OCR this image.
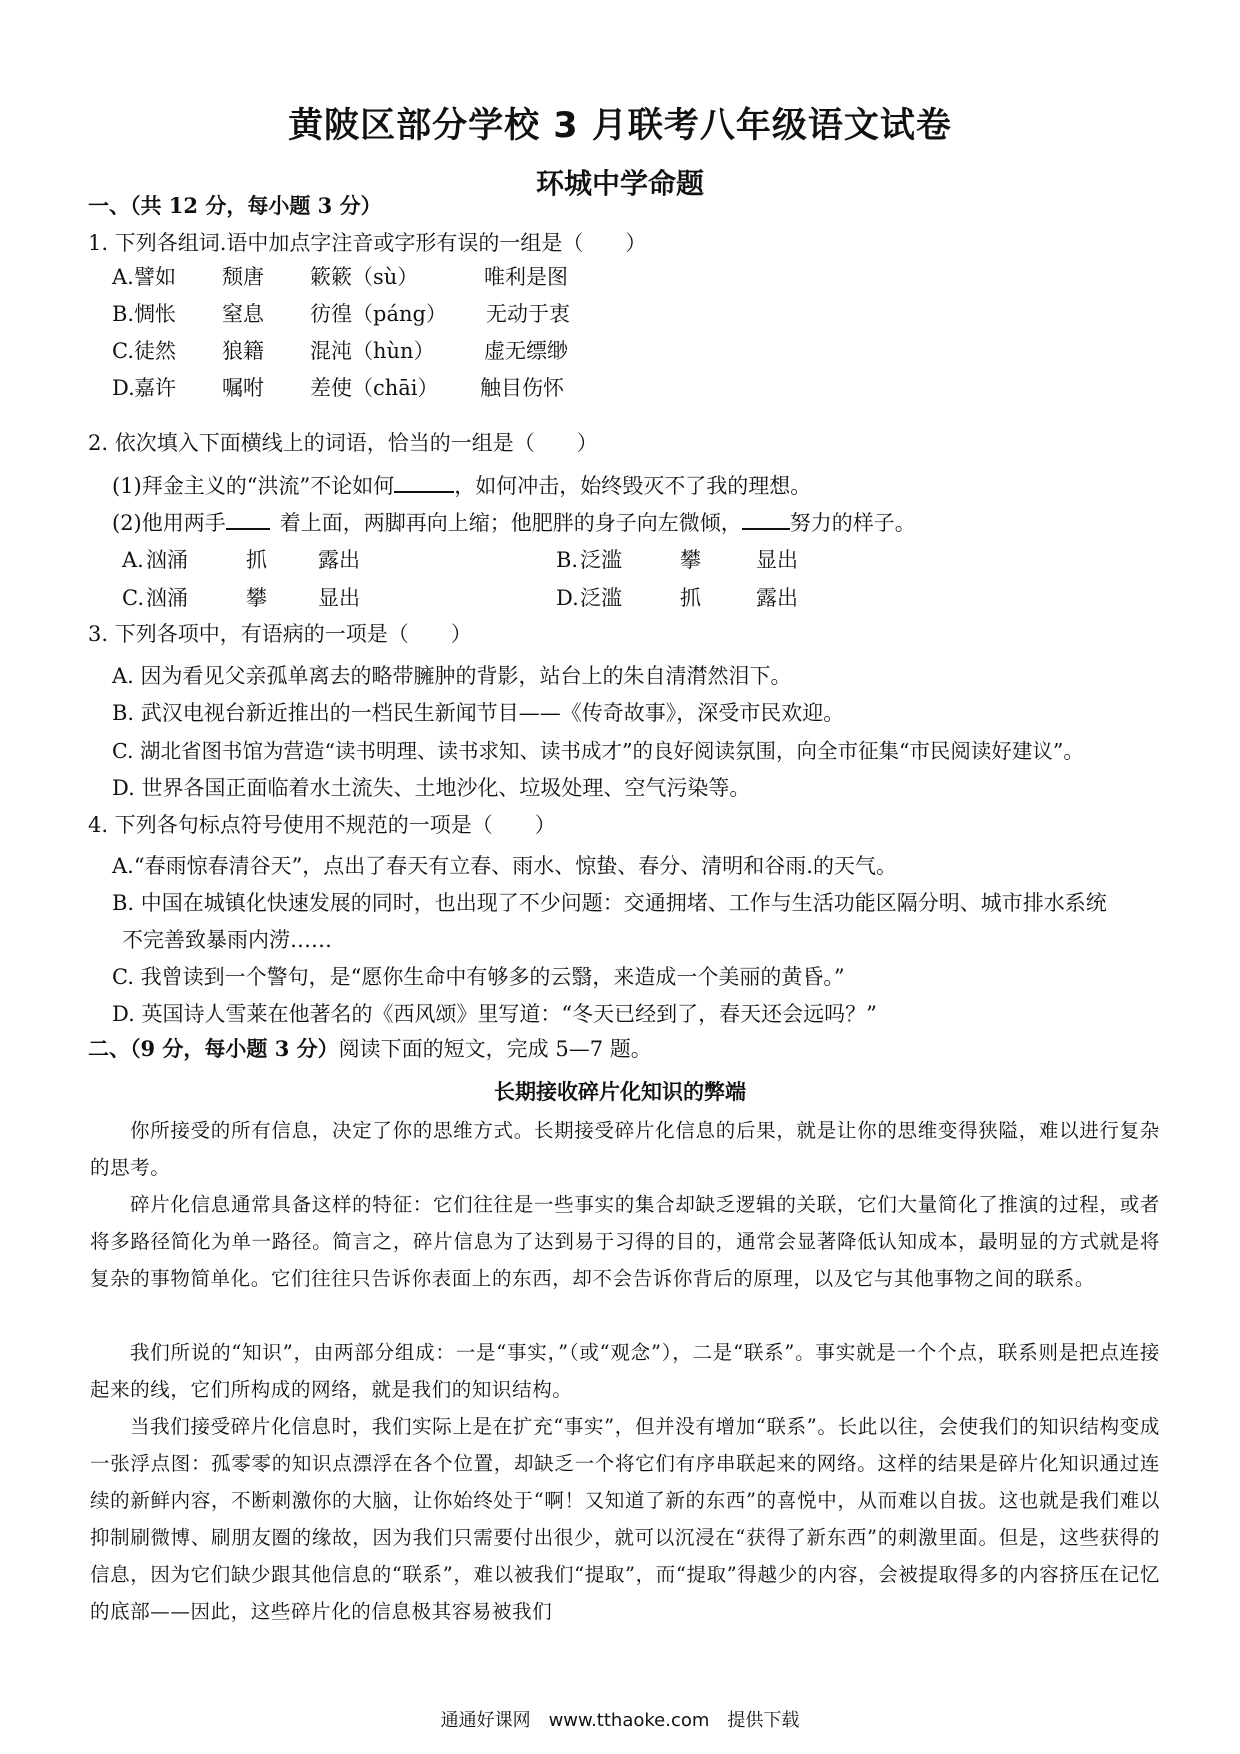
黄陂区部分学校 3 月联考八年级语文试卷
环城中学命题
一、（共 12 分，每小题 3 分）
1. 下列各组词.语中加点字注音或字形有误的一组是（　　）
A. 譬如 颓唐 簌簌（sù）	唯利是图
B. 惆怅 窒息 彷徨（páng） 无动于衷
C. 徒然 狼籍 混沌（hùn） 虚无缥缈
D. 嘉许 嘱咐 差使（chāi） 触目伤怀
2. 依次填入下面横线上的词语，恰当的一组是（　　）
(1)拜金主义的“洪流”不论如何	，如何冲击，始终毁灭不了我的理想。
(2)他用两手	着上面，两脚再向上缩；他肥胖的身子向左微倾， 努力的样子。
A. 汹涌	抓 露出	B. 泛滥	攀	显出
C. 汹涌	攀 显出	D. 泛滥	抓	露出
3. 下列各项中，有语病的一项是（　　）
A. 因为看见父亲孤单离去的略带臃肿的背影，站台上的朱自清潸然泪下。
B. 武汉电视台新近推出的一档民生新闻节目——《传奇故事》，深受市民欢迎。
C. 湖北省图书馆为营造“读书明理、读书求知、读书成才”的良好阅读氛围，向全市征集“市民阅读好建议”。
D. 世界各国正面临着水土流失、土地沙化、垃圾处理、空气污染等。
4. 下列各句标点符号使用不规范的一项是（　　）
A.“春雨惊春清谷天”，点出了春天有立春、雨水、惊蛰、春分、清明和谷雨.的天气。
B. 中国在城镇化快速发展的同时，也出现了不少问题：交通拥堵、工作与生活功能区隔分明、城市排水系统
不完善致暴雨内涝……
C. 我曾读到一个警句，是“愿你生命中有够多的云翳，来造成一个美丽的黄昏。”
D. 英国诗人雪莱在他著名的《西风颂》里写道：“冬天已经到了，春天还会远吗？”
二、（9 分，每小题 3 分）阅读下面的短文，完成 5—7 题。
长期接收碎片化知识的弊端
你所接受的所有信息，决定了你的思维方式。长期接受碎片化信息的后果，就是让你的思维变得狭隘，难以进行复杂的思考。
碎片化信息通常具备这样的特征：它们往往是一些事实的集合却缺乏逻辑的关联，它们大量简化了推演的过程，或者将多路径简化为单一路径。简言之，碎片信息为了达到易于习得的目的，通常会显著降低认知成本，最明显的方式就是将复杂的事物简单化。它们往往只告诉你表面上的东西，却不会告诉你背后的原理，以及它与其他事物之间的联系。
我们所说的“知识”，由两部分组成：一是“事实，”（或“观念”），二是“联系”。事实就是一个个点，联系则是把点连接起来的线，它们所构成的网络，就是我们的知识结构。
当我们接受碎片化信息时，我们实际上是在扩充“事实”，但并没有增加“联系”。长此以往，会使我们的知识结构变成一张浮点图：孤零零的知识点漂浮在各个位置，却缺乏一个将它们有序串联起来的网络。这样的结果是碎片化知识通过连续的新鲜内容，不断刺激你的大脑，让你始终处于“啊！又知道了新的东西”的喜悦中，从而难以自拔。这也就是我们难以抑制刷微博、刷朋友圈的缘故，因为我们只需要付出很少，就可以沉浸在“获得了新东西”的刺激里面。但是，这些获得的信息，因为它们缺少跟其他信息的“联系”，难以被我们“提取”，而“提取”得越少的内容，会被提取得多的内容挤压在记忆的底部——因此，这些碎片化的信息极其容易被我们
通通好课网　www.tthaoke.com　提供下载
